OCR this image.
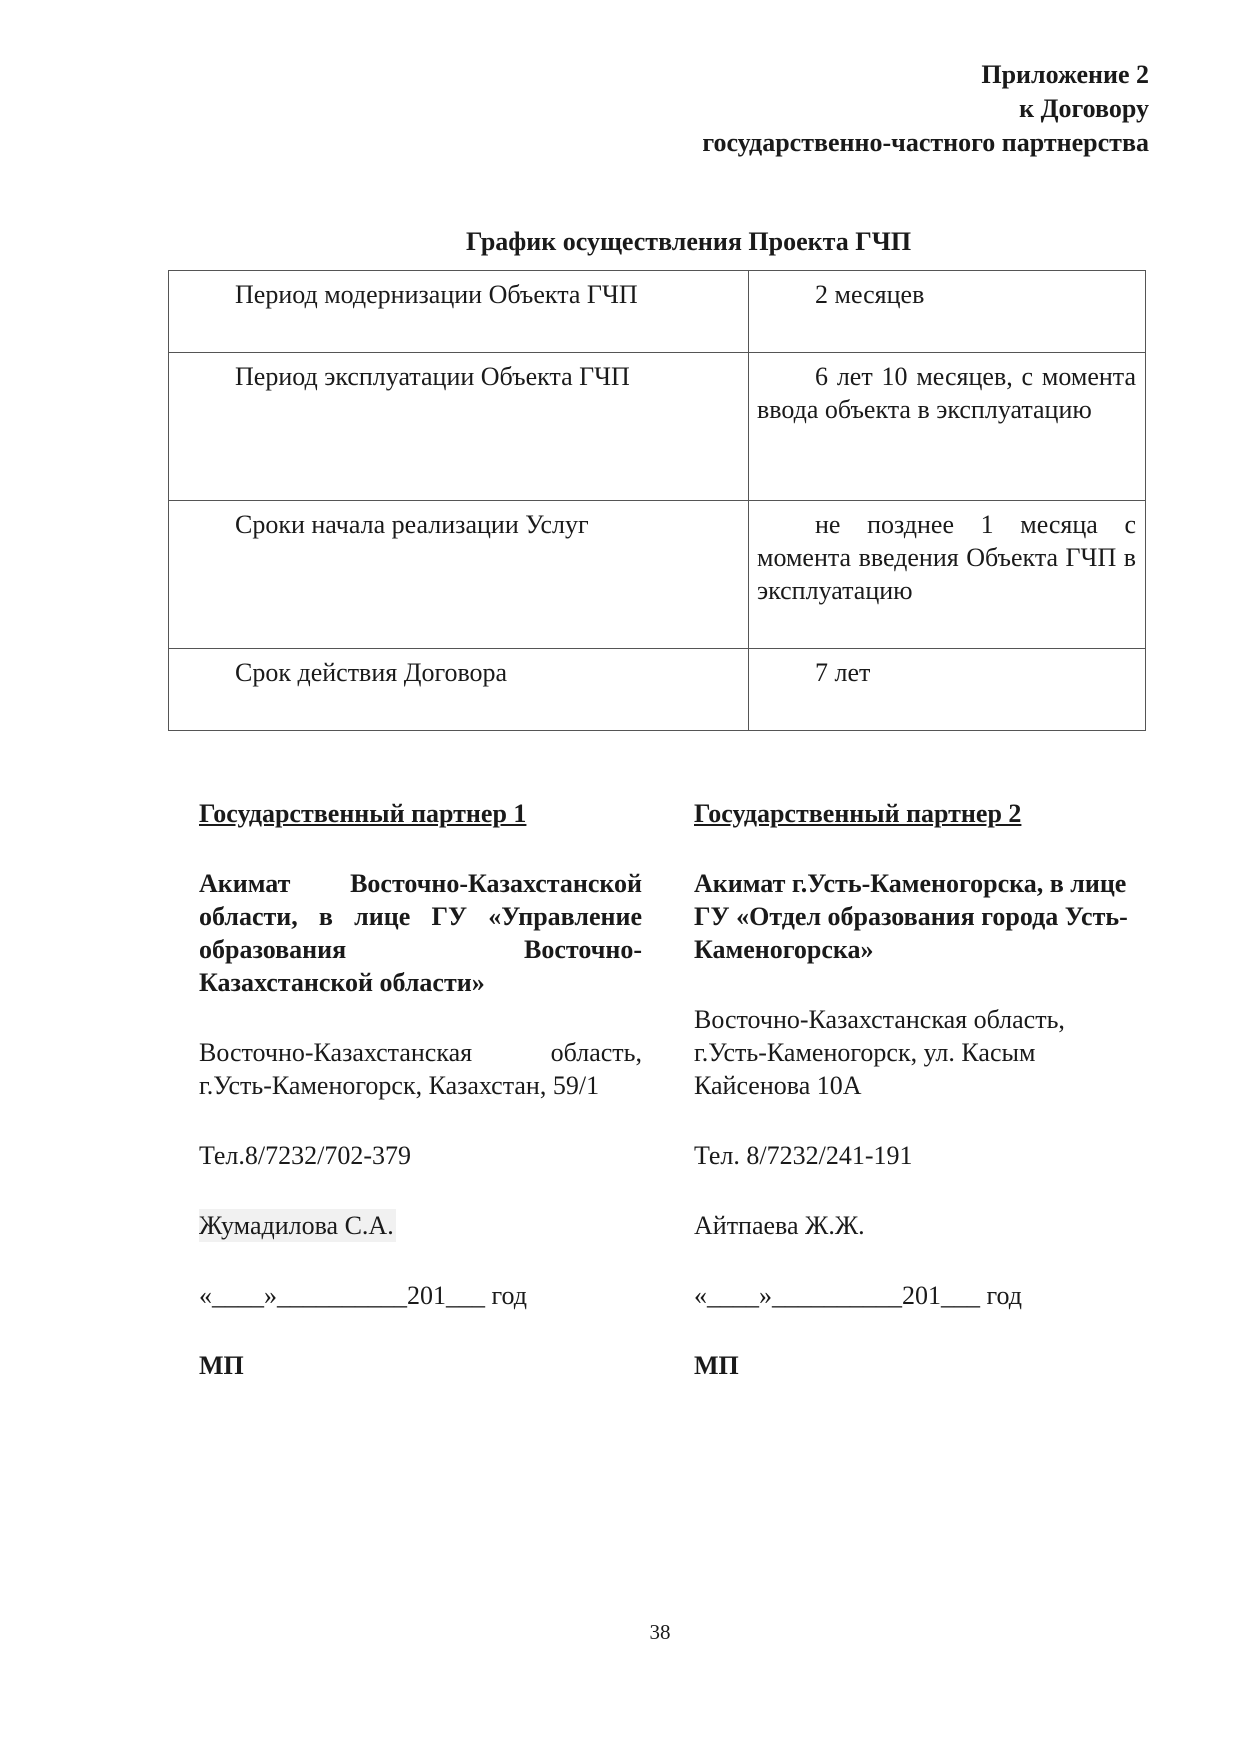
Приложение 2
к Договору
государственно-частного партнерства
График осуществления Проекта ГЧП
Период модернизации Объекта ГЧП	2 месяцев
Период эксплуатации Объекта ГЧП	6 лет 10 месяцев, с момента ввода объекта в эксплуатацию
Сроки начала реализации Услуг	не позднее 1 месяца с момента введения Объекта ГЧП в эксплуатацию
Срок действия Договора	7 лет
Государственный партнер 1
Акимат Восточно-Казахстанской области, в лице ГУ «Управление образования Восточно-Казахстанской области»
Восточно-Казахстанская область, г.Усть-Каменогорск, Казахстан, 59/1
Тел.8/7232/702-379
Жумадилова С.А.
«____»__________201___ год
МП
Государственный партнер 2
Акимат г.Усть-Каменогорска, в лице ГУ «Отдел образования города Усть-Каменогорска»
Восточно-Казахстанская область, г.Усть-Каменогорск, ул. Касым Кайсенова 10А
Тел. 8/7232/241-191
Айтпаева Ж.Ж.
«____»__________201___ год
МП
38
